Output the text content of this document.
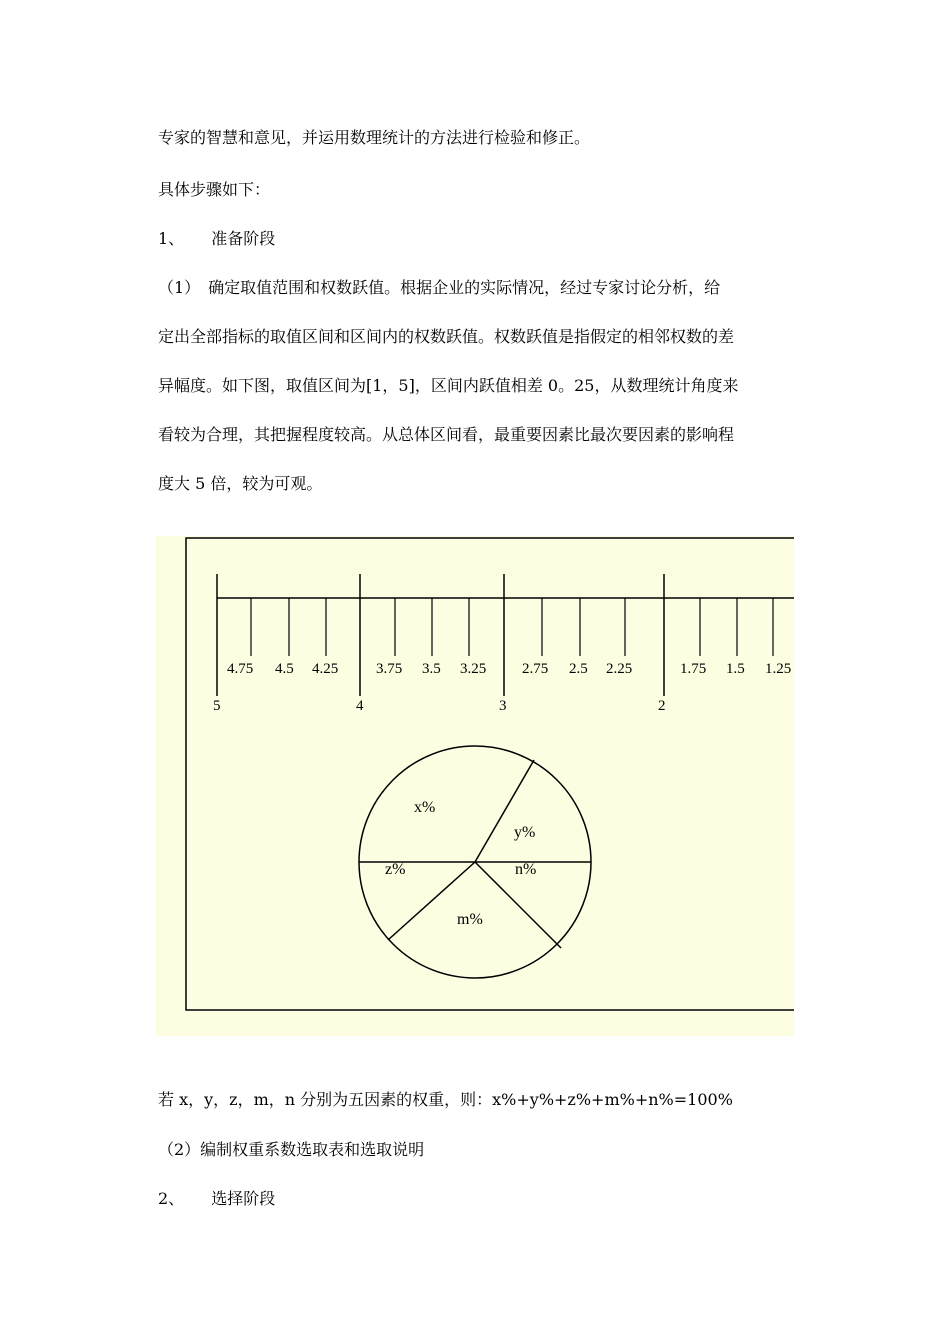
专家的智慧和意见，并运用数理统计的方法进行检验和修正。
具体步骤如下：
1、 准备阶段
（1）　确定取值范围和权数跃值。根据企业的实际情况，经过专家讨论分析，给
定出全部指标的取值区间和区间内的权数跃值。权数跃值是指假定的相邻权数的差
异幅度。如下图，取值区间为[1，5]，区间内跃值相差 0。25，从数理统计角度来
看较为合理，其把握程度较高。从总体区间看，最重要因素比最次要因素的影响程
度大 5 倍，较为可观。
4.75 4.5 4.25	3.75 3.5 3.25 2.75 2.5 2.25	1.75 1.5 1.25
5	4	3	2
x%
y%
z%	n%
m%
若 x，y，z，m，n 分别为五因素的权重，则：x%+y%+z%+m%+n%=100%
（2）编制权重系数选取表和选取说明
2、 选择阶段
